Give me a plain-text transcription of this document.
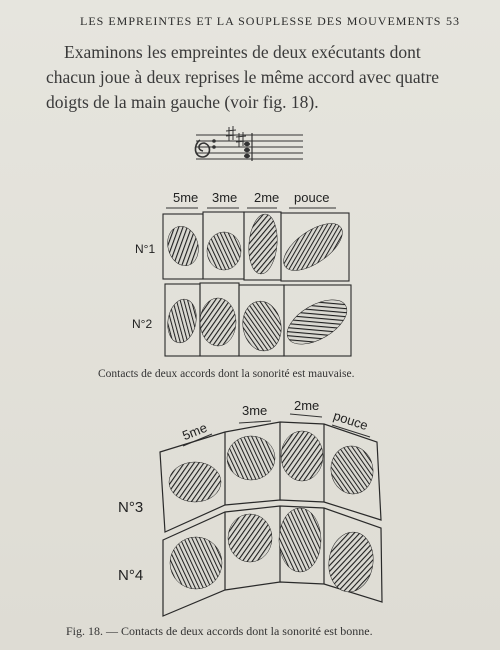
LES EMPREINTES ET LA SOUPLESSE DES MOUVEMENTS 53
Examinons les empreintes de deux exécutants dont
chacun joue à deux reprises le même accord avec quatre
doigts de la main gauche (voir fig. 18).
5me 3me 2me pouce
N°1
N°2
Contacts de deux accords dont la sonorité est mauvaise.
5me
3me 2me
pouce
N°3
N°4
Fig. 18. — Contacts de deux accords dont la sonorité est bonne.
